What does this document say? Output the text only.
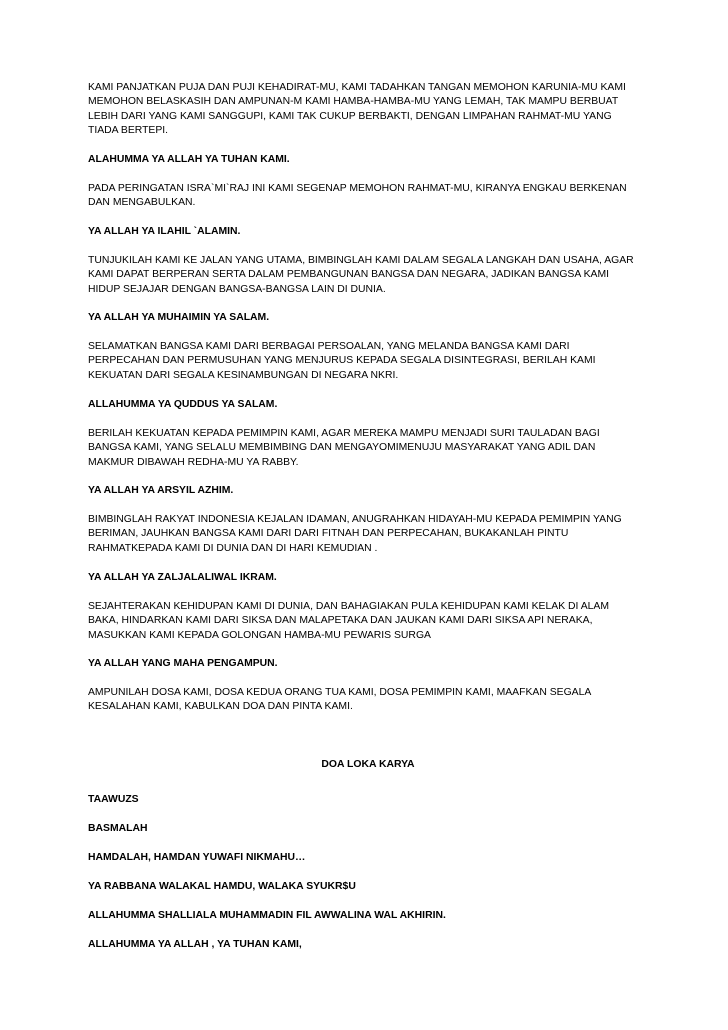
KAMI PANJATKAN PUJA DAN PUJI KEHADIRAT-MU, KAMI TADAHKAN TANGAN MEMOHON KARUNIA-MU KAMI
MEMOHON BELASKASIH DAN AMPUNAN-M KAMI HAMBA-HAMBA-MU YANG LEMAH, TAK MAMPU BERBUAT
LEBIH DARI YANG KAMI SANGGUPI, KAMI TAK CUKUP BERBAKTI, DENGAN LIMPAHAN RAHMAT-MU YANG
TIADA BERTEPI.

ALAHUMMA YA ALLAH YA TUHAN KAMI.

PADA PERINGATAN ISRA`MI`RAJ INI KAMI SEGENAP MEMOHON RAHMAT-MU, KIRANYA ENGKAU BERKENAN
DAN MENGABULKAN.

YA ALLAH YA ILAHIL `ALAMIN.

TUNJUKILAH KAMI KE JALAN YANG UTAMA, BIMBINGLAH KAMI DALAM SEGALA LANGKAH DAN USAHA, AGAR
KAMI DAPAT BERPERAN SERTA DALAM PEMBANGUNAN BANGSA DAN NEGARA, JADIKAN BANGSA KAMI
HIDUP SEJAJAR DENGAN BANGSA-BANGSA LAIN DI DUNIA.

YA ALLAH YA MUHAIMIN YA SALAM.

SELAMATKAN BANGSA KAMI DARI BERBAGAI PERSOALAN, YANG MELANDA BANGSA KAMI DARI
PERPECAHAN DAN PERMUSUHAN YANG MENJURUS KEPADA SEGALA DISINTEGRASI, BERILAH KAMI
KEKUATAN DARI SEGALA KESINAMBUNGAN DI NEGARA NKRI.

ALLAHUMMA YA QUDDUS YA SALAM.

BERILAH KEKUATAN KEPADA PEMIMPIN KAMI, AGAR MEREKA MAMPU MENJADI SURI TAULADAN BAGI
BANGSA KAMI, YANG SELALU MEMBIMBING DAN MENGAYOMIMENUJU MASYARAKAT YANG ADIL DAN
MAKMUR DIBAWAH REDHA-MU YA RABBY.

YA ALLAH YA ARSYIL AZHIM.

BIMBINGLAH RAKYAT INDONESIA KEJALAN IDAMAN, ANUGRAHKAN HIDAYAH-MU KEPADA PEMIMPIN YANG
BERIMAN, JAUHKAN BANGSA KAMI DARI DARI FITNAH DAN PERPECAHAN, BUKAKANLAH PINTU
RAHMATKEPADA KAMI DI DUNIA DAN DI HARI KEMUDIAN .

YA ALLAH YA ZALJALALIWAL IKRAM.

SEJAHTERAKAN KEHIDUPAN KAMI DI DUNIA, DAN BAHAGIAKAN PULA KEHIDUPAN KAMI KELAK DI ALAM
BAKA, HINDARKAN KAMI DARI SIKSA DAN MALAPETAKA DAN JAUKAN KAMI DARI SIKSA API NERAKA,
MASUKKAN KAMI KEPADA GOLONGAN HAMBA-MU PEWARIS SURGA

YA ALLAH YANG MAHA PENGAMPUN.

AMPUNILAH DOSA KAMI, DOSA KEDUA ORANG TUA KAMI, DOSA PEMIMPIN KAMI, MAAFKAN SEGALA
KESALAHAN KAMI, KABULKAN DOA DAN PINTA KAMI.

DOA LOKA KARYA

TAAWUZS

BASMALAH

HAMDALAH, HAMDAN YUWAFI NIKMAHU…

YA RABBANA WALAKAL HAMDU, WALAKA SYUKR$U

ALLAHUMMA SHALLIALA MUHAMMADIN FIL AWWALINA WAL AKHIRIN.

ALLAHUMMA YA ALLAH , YA TUHAN KAMI,
